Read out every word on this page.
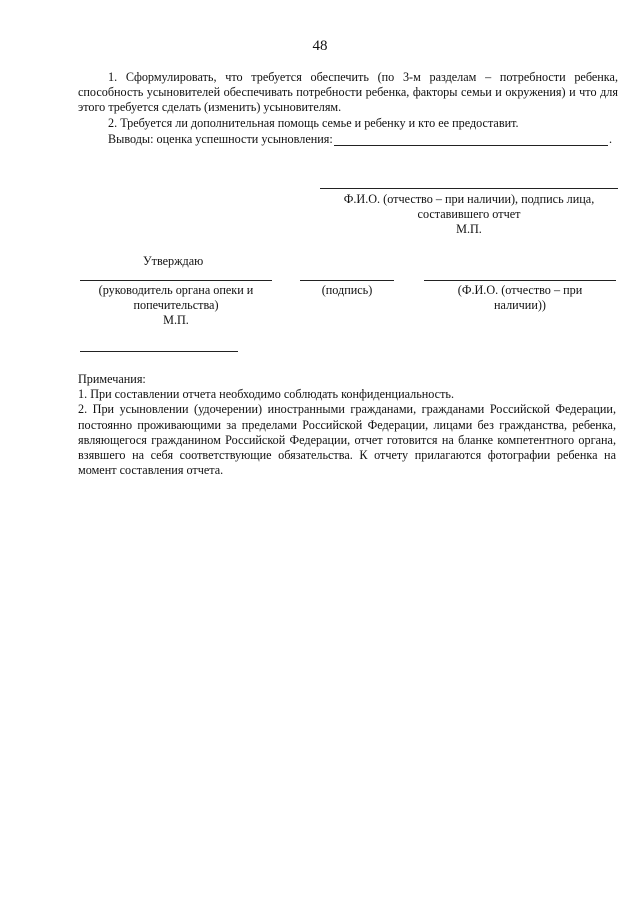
48

1. Сформулировать, что требуется обеспечить (по 3-м разделам – потребности ребенка, способность усыновителей обеспечивать потребности ребенка, факторы семьи и окружения) и что для этого требуется сделать (изменить) усыновителям.

2. Требуется ли дополнительная помощь семье и ребенку и кто ее предоставит.

Выводы: оценка успешности усыновления:	.
Ф.И.О. (отчество – при наличии), подпись лица,
составившего отчет
М.П.
Утверждаю
(руководитель органа опеки и
попечительства)
М.П.
(подпись)	(Ф.И.О. (отчество – при
наличии))

Примечания:

1. При составлении отчета необходимо соблюдать конфиденциальность.

2. При усыновлении (удочерении) иностранными гражданами, гражданами Российской Федерации, постоянно проживающими за пределами Российской Федерации, лицами без гражданства, ребенка, являющегося гражданином Российской Федерации, отчет готовится на бланке компетентного органа, взявшего на себя соответствующие обязательства. К отчету прилагаются фотографии ребенка на момент составления отчета.
